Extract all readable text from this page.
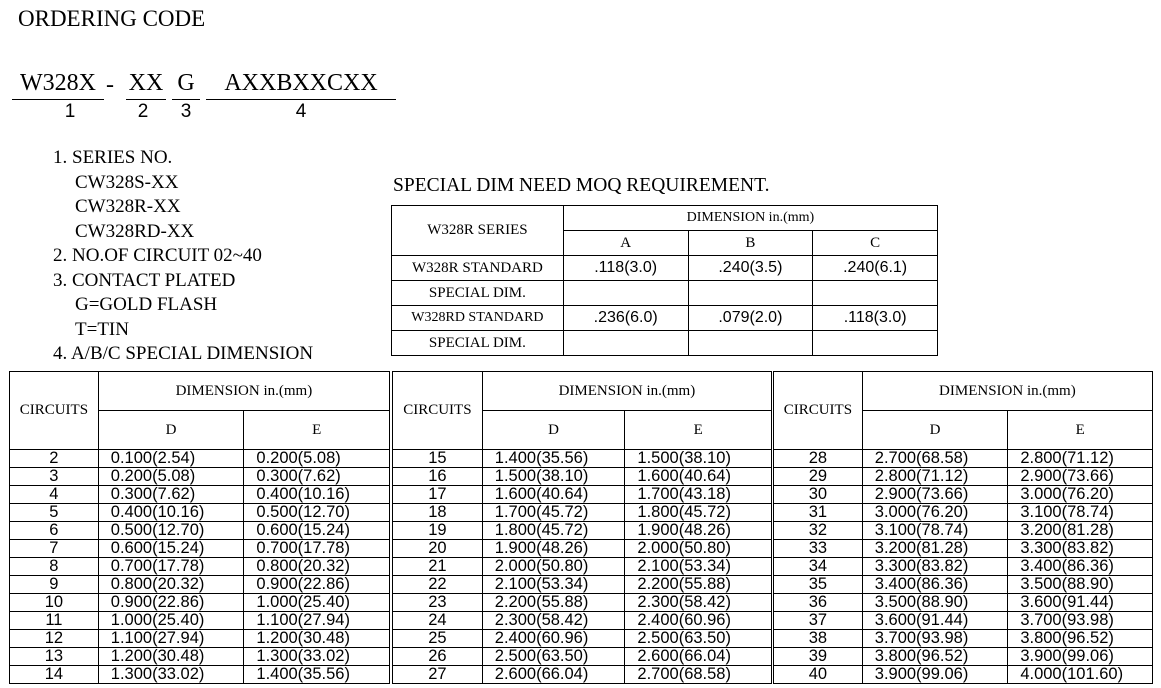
ORDERING CODE
W328X - XX G	AXXBXXCXX
1	2	3	4
1. SERIES NO.
CW328S-XX
CW328R-XX
CW328RD-XX
2. NO.OF CIRCUIT 02~40
3. CONTACT PLATED
G=GOLD FLASH
T=TIN
4. A/B/C SPECIAL DIMENSION
SPECIAL DIM NEED MOQ REQUIREMENT.
W328R SERIES	DIMENSION in.(mm)		
	A	B	C
W328R STANDARD	.118(3.0)	.240(3.5)	.240(6.1)
SPECIAL DIM.			
W328RD STANDARD	.236(6.0)	.079(2.0)	.118(3.0)
SPECIAL DIM.			
CIRCUITS	DIMENSION in.(mm)	
	D	E
2	0.100(2.54)	0.200(5.08)
3	0.200(5.08)	0.300(7.62)
4	0.300(7.62)	0.400(10.16)
5	0.400(10.16)	0.500(12.70)
6	0.500(12.70)	0.600(15.24)
7	0.600(15.24)	0.700(17.78)
8	0.700(17.78)	0.800(20.32)
9	0.800(20.32)	0.900(22.86)
10	0.900(22.86)	1.000(25.40)
11	1.000(25.40)	1.100(27.94)
12	1.100(27.94)	1.200(30.48)
13	1.200(30.48)	1.300(33.02)
14	1.300(33.02)	1.400(35.56)
CIRCUITS	DIMENSION in.(mm)	
	D	E
15	1.400(35.56)	1.500(38.10)
16	1.500(38.10)	1.600(40.64)
17	1.600(40.64)	1.700(43.18)
18	1.700(45.72)	1.800(45.72)
19	1.800(45.72)	1.900(48.26)
20	1.900(48.26)	2.000(50.80)
21	2.000(50.80)	2.100(53.34)
22	2.100(53.34)	2.200(55.88)
23	2.200(55.88)	2.300(58.42)
24	2.300(58.42)	2.400(60.96)
25	2.400(60.96)	2.500(63.50)
26	2.500(63.50)	2.600(66.04)
27	2.600(66.04)	2.700(68.58)
CIRCUITS	DIMENSION in.(mm)	
	D	E
28	2.700(68.58)	2.800(71.12)
29	2.800(71.12)	2.900(73.66)
30	2.900(73.66)	3.000(76.20)
31	3.000(76.20)	3.100(78.74)
32	3.100(78.74)	3.200(81.28)
33	3.200(81.28)	3.300(83.82)
34	3.300(83.82)	3.400(86.36)
35	3.400(86.36)	3.500(88.90)
36	3.500(88.90)	3.600(91.44)
37	3.600(91.44)	3.700(93.98)
38	3.700(93.98)	3.800(96.52)
39	3.800(96.52)	3.900(99.06)
40	3.900(99.06)	4.000(101.60)
